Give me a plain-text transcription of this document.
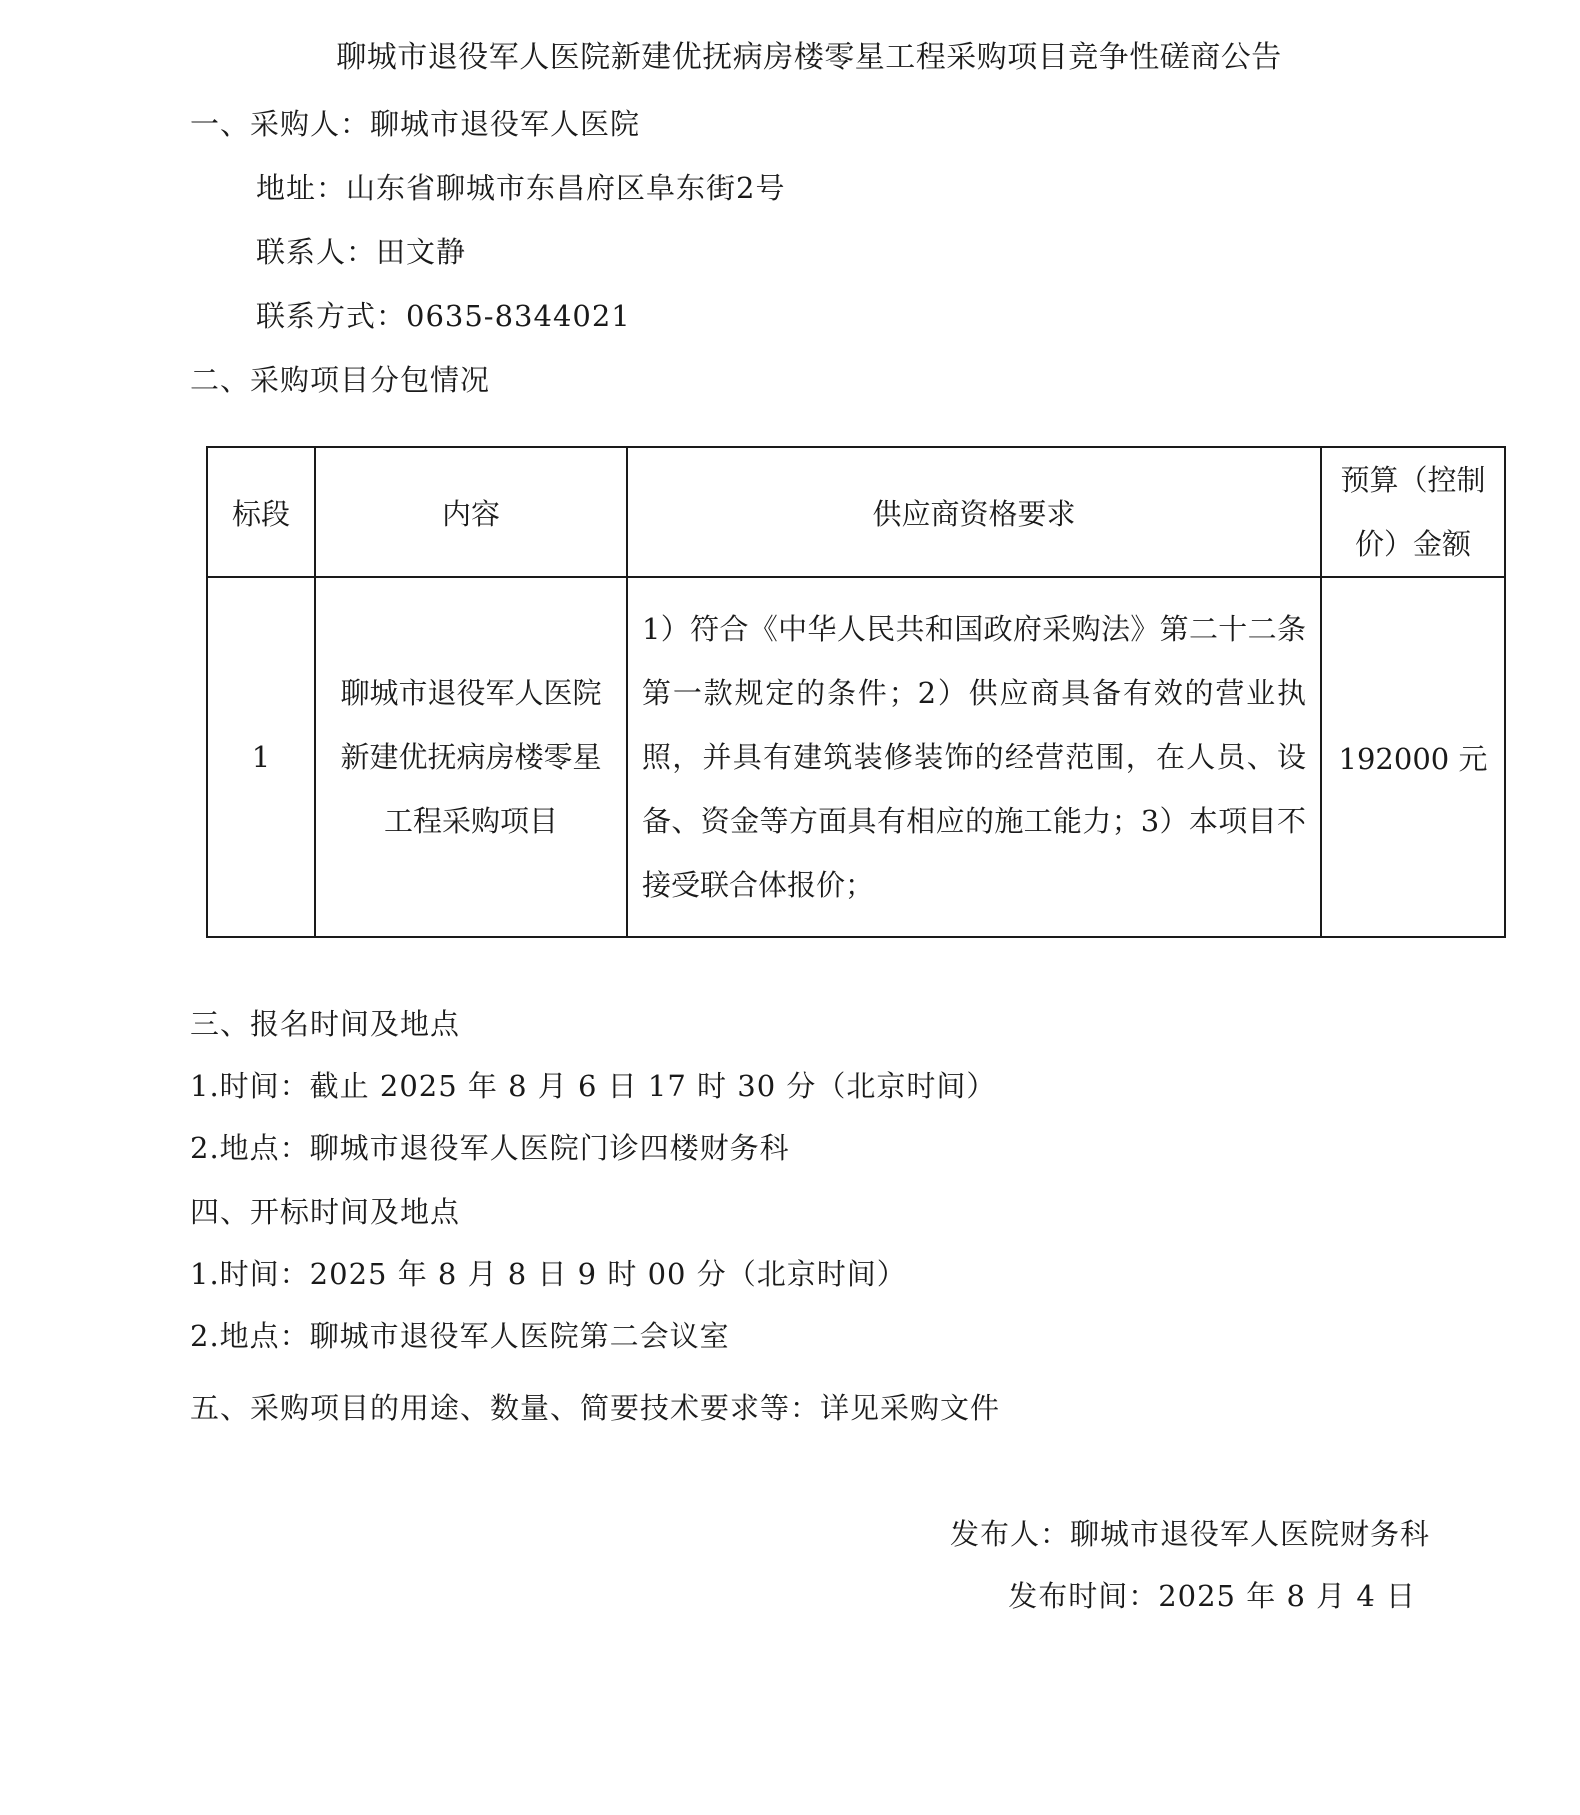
聊城市退役军人医院新建优抚病房楼零星工程采购项目竞争性磋商公告
一、采购人：聊城市退役军人医院
地址：山东省聊城市东昌府区阜东街2号
联系人：田文静
联系方式：0635-8344021
二、采购项目分包情况
标段	内容	供应商资格要求	预算（控制价）金额
1	聊城市退役军人医院新建优抚病房楼零星工程采购项目	1）符合《中华人民共和国政府采购法》第二十二条第一款规定的条件；2）供应商具备有效的营业执照，并具有建筑装修装饰的经营范围，在人员、设备、资金等方面具有相应的施工能力；3）本项目不接受联合体报价；	192000 元
三、报名时间及地点
1.时间：截止 2025 年 8 月 6 日 17 时 30 分（北京时间）
2.地点：聊城市退役军人医院门诊四楼财务科
四、开标时间及地点
1.时间：2025 年 8 月 8 日 9 时 00 分（北京时间）
2.地点：聊城市退役军人医院第二会议室
五、采购项目的用途、数量、简要技术要求等：详见采购文件
发布人：聊城市退役军人医院财务科
发布时间：2025 年 8 月 4 日
